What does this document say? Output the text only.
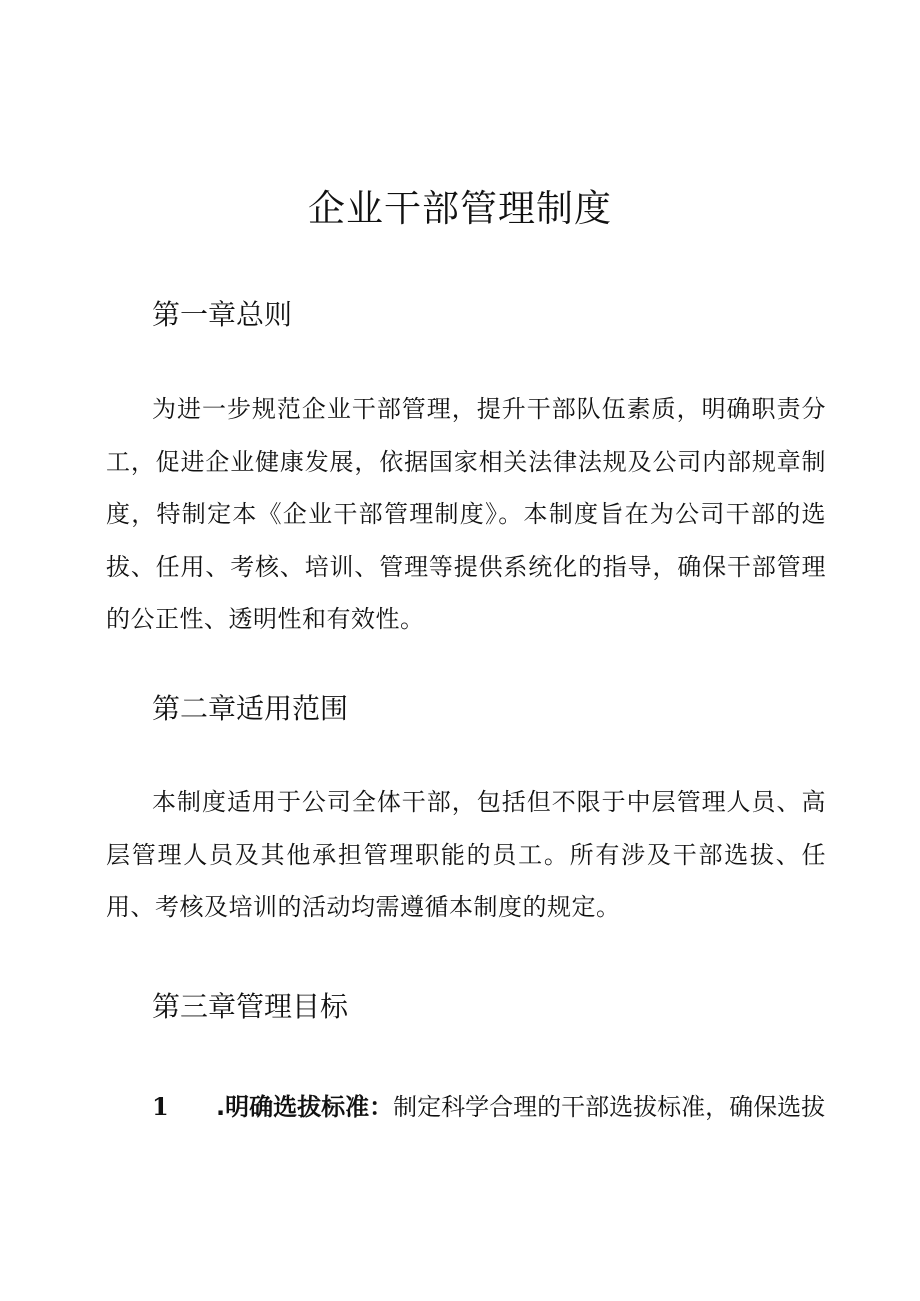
企业干部管理制度
第一章总则

为进一步规范企业干部管理，提升干部队伍素质，明确职责分工，促进企业健康发展，依据国家相关法律法规及公司内部规章制度，特制定本《企业干部管理制度》。本制度旨在为公司干部的选拔、任用、考核、培训、管理等提供系统化的指导，确保干部管理的公正性、透明性和有效性。

第二章适用范围

本制度适用于公司全体干部，包括但不限于中层管理人员、高层管理人员及其他承担管理职能的员工。所有涉及干部选拔、任用、考核及培训的活动均需遵循本制度的规定。

第三章管理目标

1 .明确选拔标准：制定科学合理的干部选拔标准，确保选拔
